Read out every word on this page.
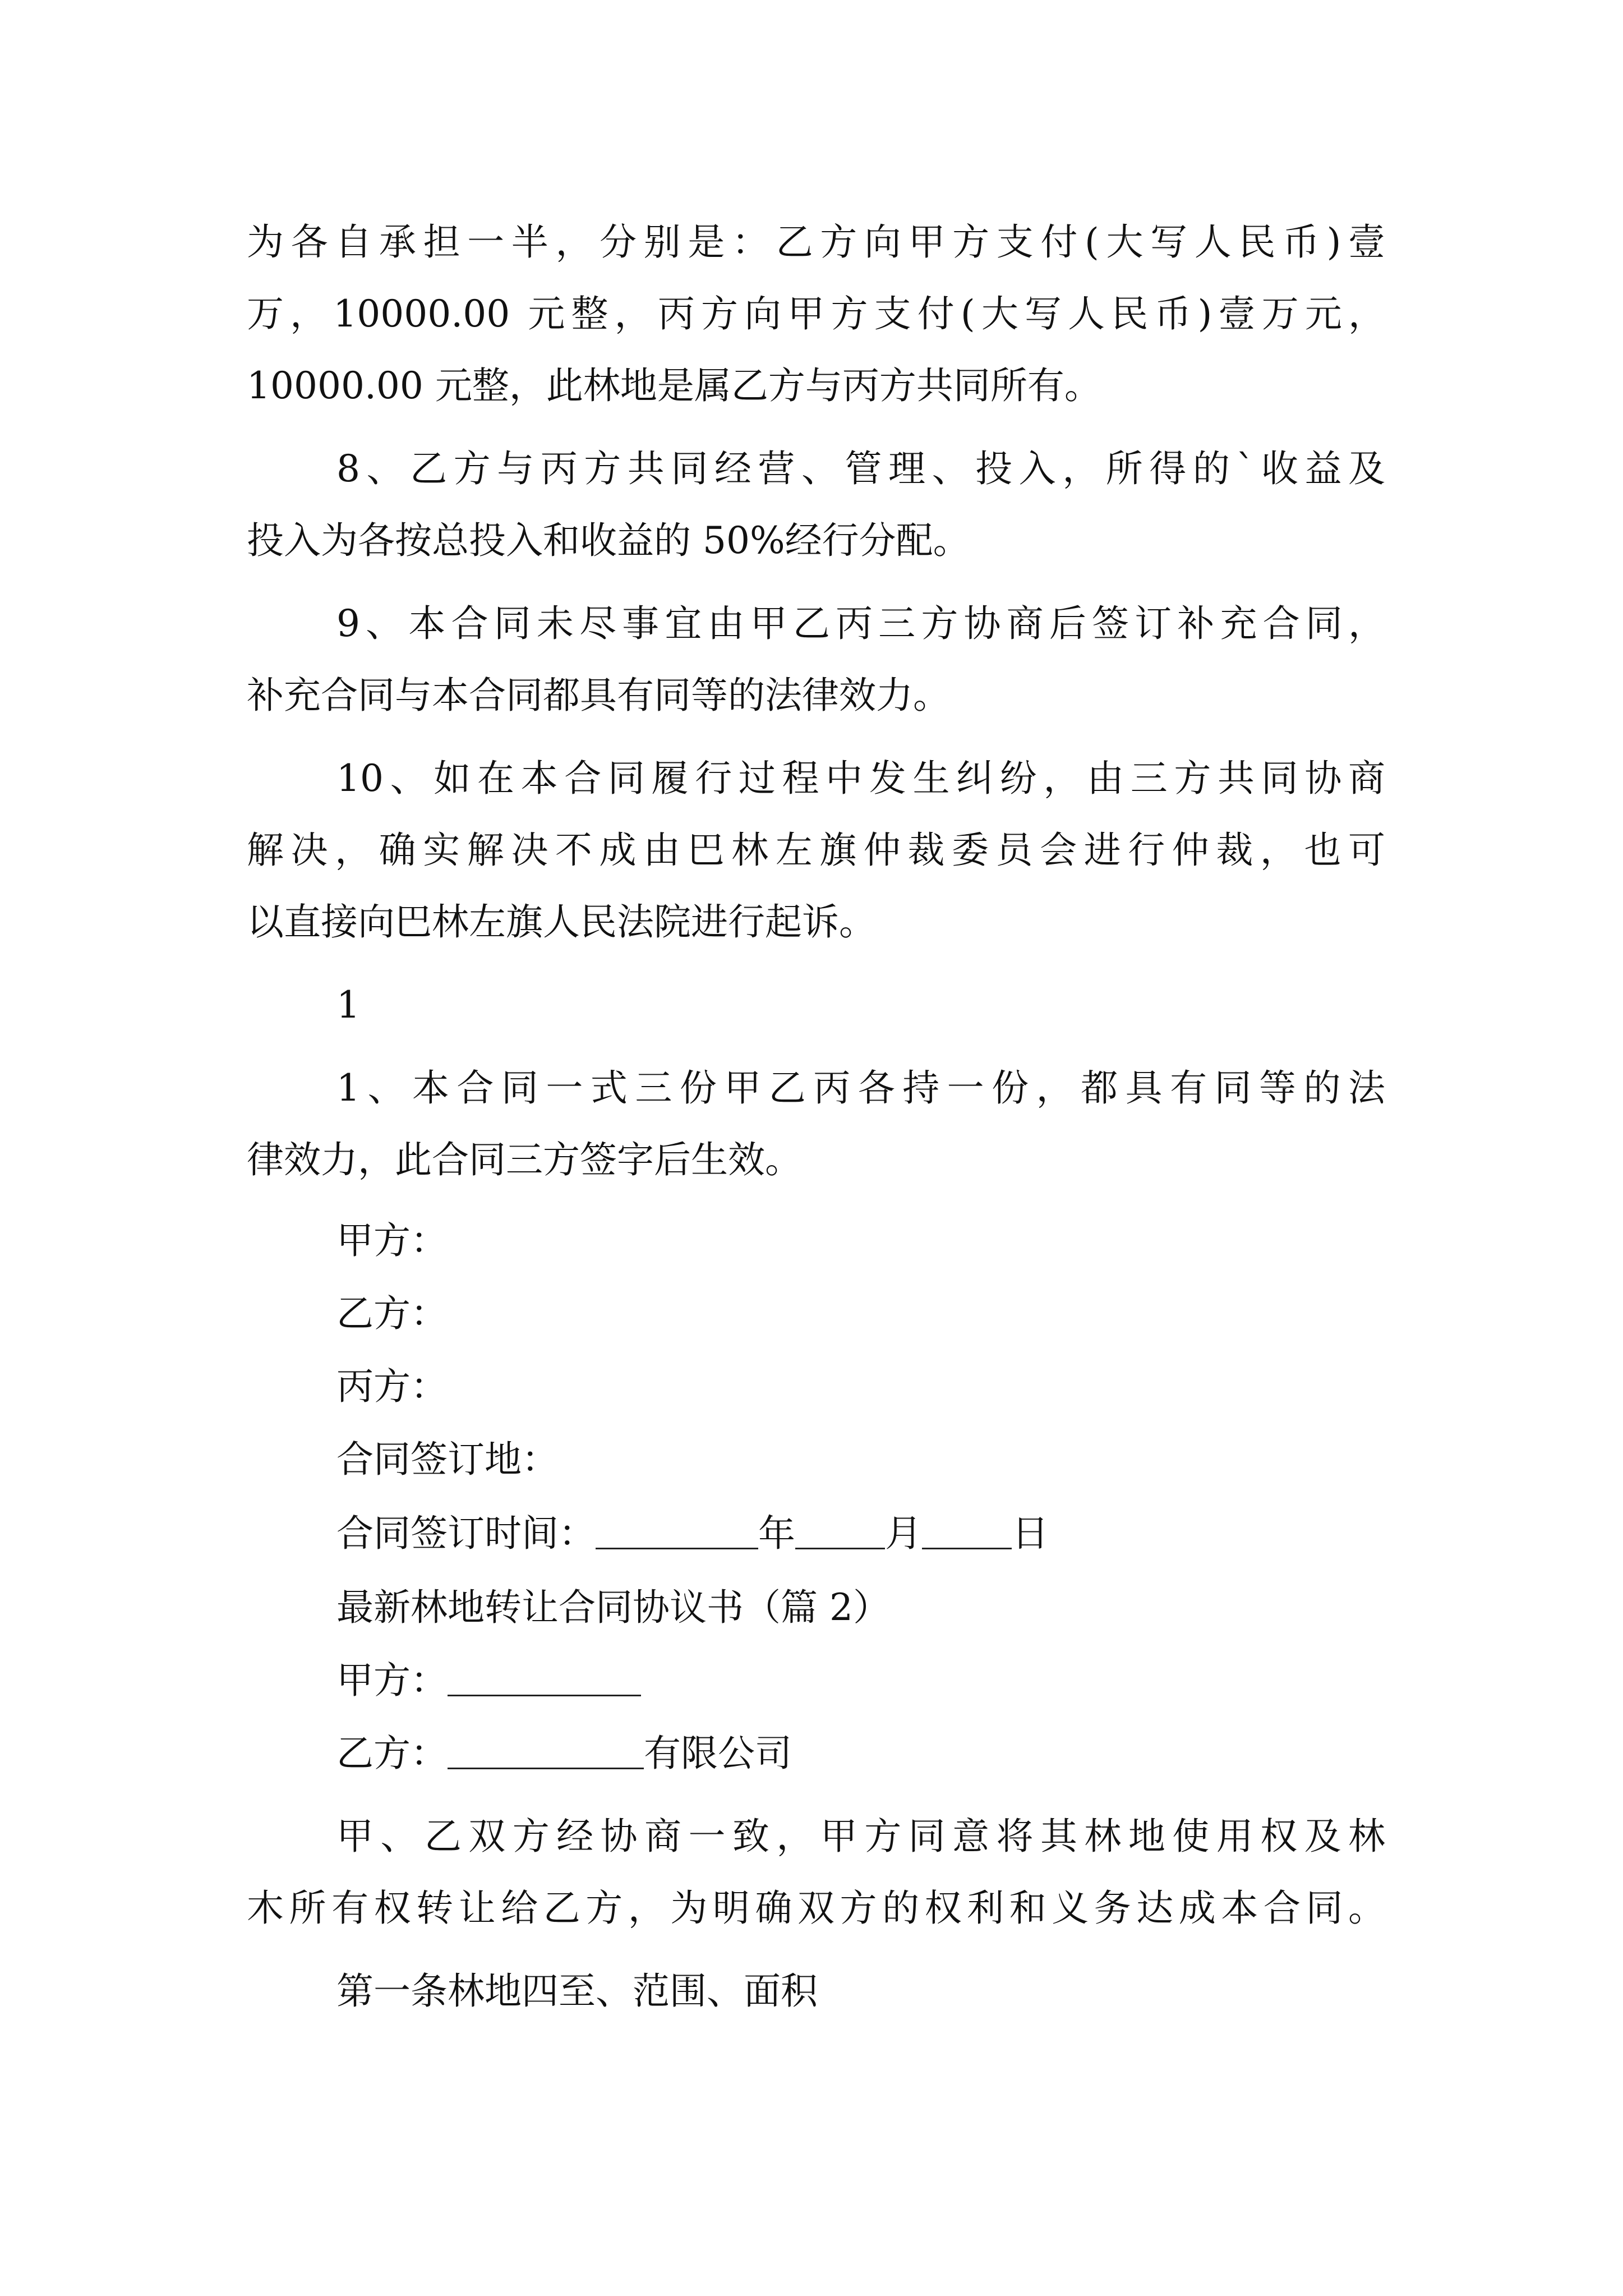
为各自承担一半，分别是：乙方向甲方支付(大写人民币)壹
万，10000.00 元整，丙方向甲方支付(大写人民币)壹万元，
10000.00 元整，此林地是属乙方与丙方共同所有。
8、乙方与丙方共同经营、管理、投入，所得的`收益及
投入为各按总投入和收益的 50%经行分配。
9、本合同未尽事宜由甲乙丙三方协商后签订补充合同，
补充合同与本合同都具有同等的法律效力。
10、如在本合同履行过程中发生纠纷，由三方共同协商
解决，确实解决不成由巴林左旗仲裁委员会进行仲裁，也可
以直接向巴林左旗人民法院进行起诉。
1
1、本合同一式三份甲乙丙各持一份，都具有同等的法
律效力，此合同三方签字后生效。
甲方：
乙方：
丙方：
合同签订地：
合同签订时间：	年 月 日
最新林地转让合同协议书（篇 2）
甲方：
乙方：	有限公司
甲、乙双方经协商一致，甲方同意将其林地使用权及林
木所有权转让给乙方，为明确双方的权利和义务达成本合同。
第一条林地四至、范围、面积
